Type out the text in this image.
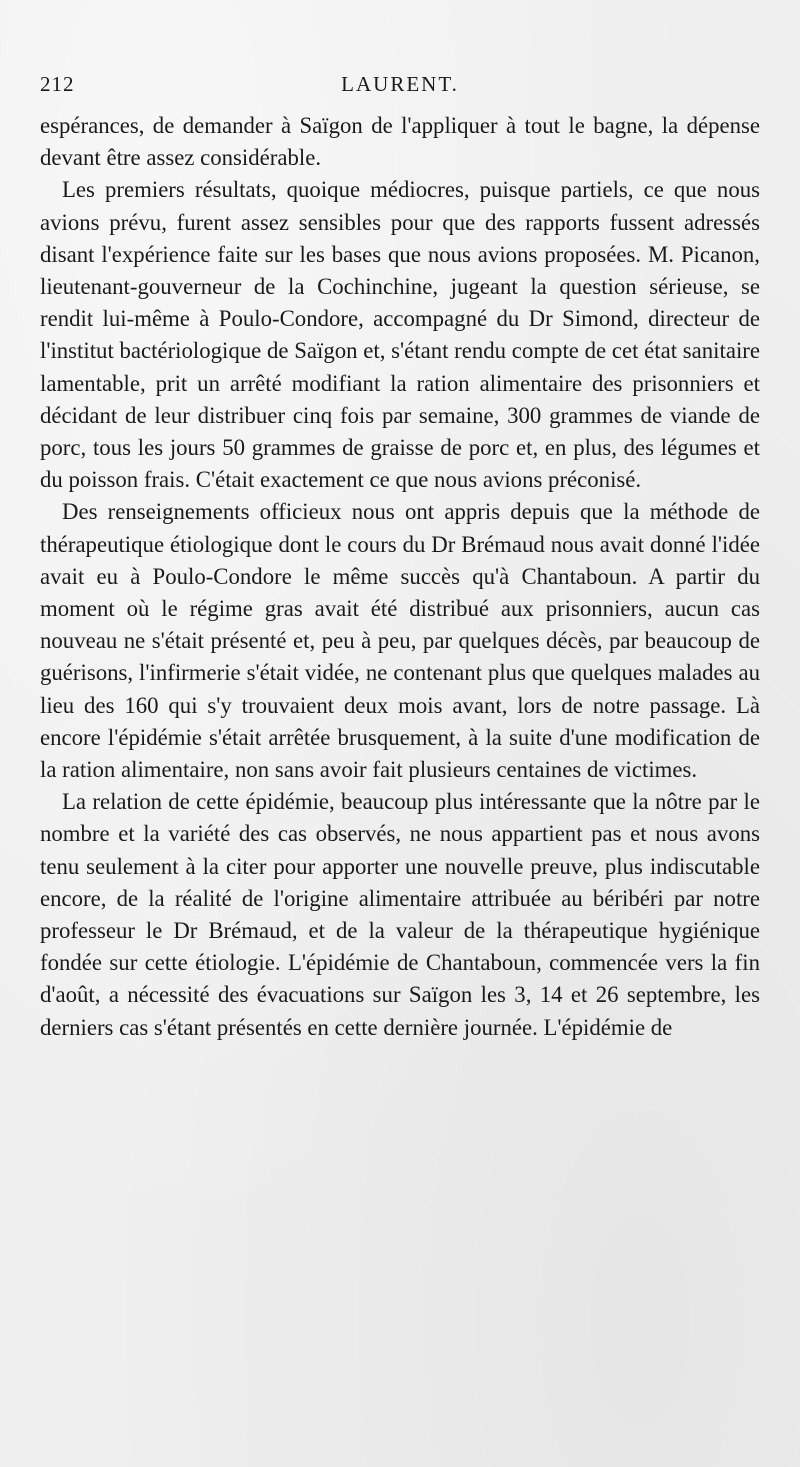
212	LAURENT.

espérances, de demander à Saïgon de l'appliquer à tout le bagne, la dépense devant être assez considérable.

Les premiers résultats, quoique médiocres, puisque partiels, ce que nous avions prévu, furent assez sensibles pour que des rapports fussent adressés disant l'expérience faite sur les bases que nous avions proposées. M. Picanon, lieutenant-gouverneur de la Cochinchine, jugeant la question sérieuse, se rendit lui-même à Poulo-Condore, accompagné du Dr Simond, directeur de l'institut bactériologique de Saïgon et, s'étant rendu compte de cet état sanitaire lamentable, prit un arrêté modifiant la ration alimentaire des prisonniers et décidant de leur distribuer cinq fois par semaine, 300 grammes de viande de porc, tous les jours 50 grammes de graisse de porc et, en plus, des légumes et du poisson frais. C'était exactement ce que nous avions préconisé.

Des renseignements officieux nous ont appris depuis que la méthode de thérapeutique étiologique dont le cours du Dr Brémaud nous avait donné l'idée avait eu à Poulo-Condore le même succès qu'à Chantaboun. A partir du moment où le régime gras avait été distribué aux prisonniers, aucun cas nouveau ne s'était présenté et, peu à peu, par quelques décès, par beaucoup de guérisons, l'infirmerie s'était vidée, ne contenant plus que quelques malades au lieu des 160 qui s'y trouvaient deux mois avant, lors de notre passage. Là encore l'épidémie s'était arrêtée brusquement, à la suite d'une modification de la ration alimentaire, non sans avoir fait plusieurs centaines de victimes.

La relation de cette épidémie, beaucoup plus intéressante que la nôtre par le nombre et la variété des cas observés, ne nous appartient pas et nous avons tenu seulement à la citer pour apporter une nouvelle preuve, plus indiscutable encore, de la réalité de l'origine alimentaire attribuée au béribéri par notre professeur le Dr Brémaud, et de la valeur de la thérapeutique hygiénique fondée sur cette étiologie. L'épidémie de Chantaboun, commencée vers la fin d'août, a nécessité des évacuations sur Saïgon les 3, 14 et 26 septembre, les derniers cas s'étant présentés en cette dernière journée. L'épidémie de
